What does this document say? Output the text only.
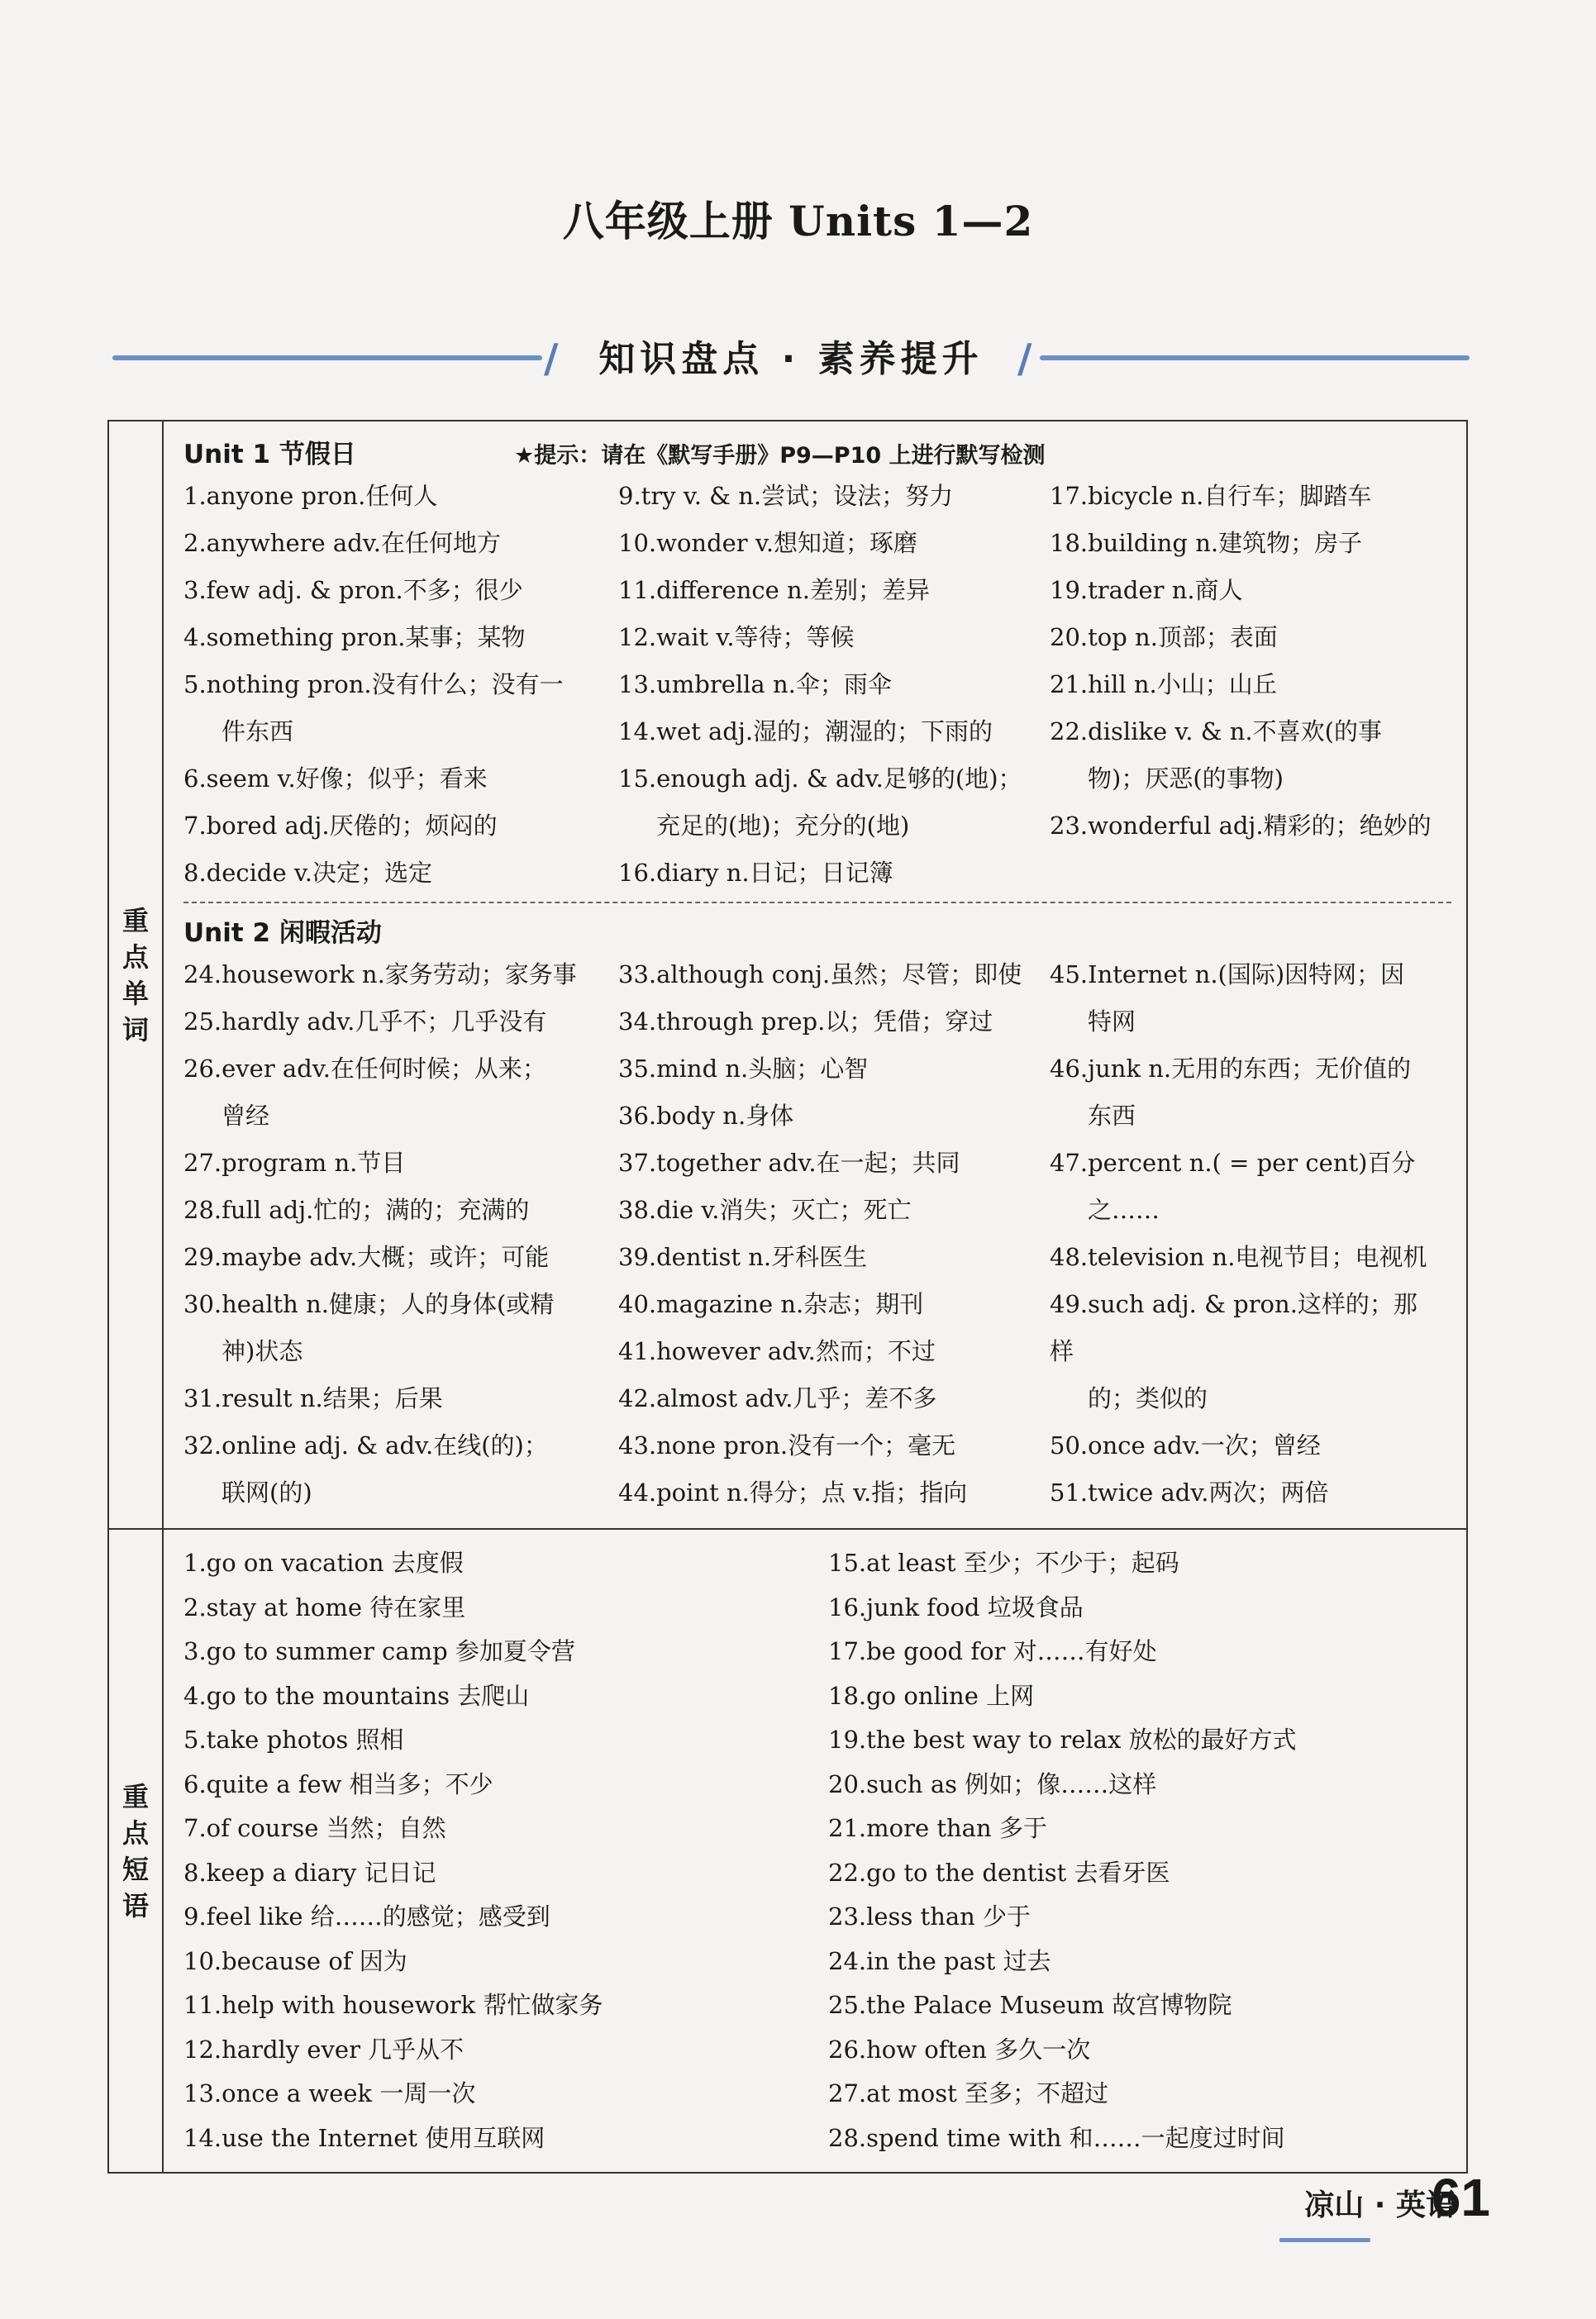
八年级上册 Units 1—2
/	知识盘点 · 素养提升 /
重点单词
Unit 1 节假日	★提示：请在《默写手册》P9—P10 上进行默写检测
1.anyone pron.任何人
2.anywhere adv.在任何地方
3.few adj. & pron.不多；很少
4.something pron.某事；某物
5.nothing pron.没有什么；没有一
件东西
6.seem v.好像；似乎；看来
7.bored adj.厌倦的；烦闷的
8.decide v.决定；选定
9.try v. & n.尝试；设法；努力
10.wonder v.想知道；琢磨
11.difference n.差别；差异
12.wait v.等待；等候
13.umbrella n.伞；雨伞
14.wet adj.湿的；潮湿的；下雨的
15.enough adj. & adv.足够的(地)；
充足的(地)；充分的(地)
16.diary n.日记；日记簿
17.bicycle n.自行车；脚踏车
18.building n.建筑物；房子
19.trader n.商人
20.top n.顶部；表面
21.hill n.小山；山丘
22.dislike v. & n.不喜欢(的事
物)；厌恶(的事物)
23.wonderful adj.精彩的；绝妙的
Unit 2 闲暇活动
24.housework n.家务劳动；家务事
25.hardly adv.几乎不；几乎没有
26.ever adv.在任何时候；从来；
曾经
27.program n.节目
28.full adj.忙的；满的；充满的
29.maybe adv.大概；或许；可能
30.health n.健康；人的身体(或精
神)状态
31.result n.结果；后果
32.online adj. & adv.在线(的)；
联网(的)
33.although conj.虽然；尽管；即使
34.through prep.以；凭借；穿过
35.mind n.头脑；心智
36.body n.身体
37.together adv.在一起；共同
38.die v.消失；灭亡；死亡
39.dentist n.牙科医生
40.magazine n.杂志；期刊
41.however adv.然而；不过
42.almost adv.几乎；差不多
43.none pron.没有一个；毫无
44.point n.得分；点 v.指；指向
45.Internet n.(国际)因特网；因
特网
46.junk n.无用的东西；无价值的
东西
47.percent n.( = per cent)百分
之……
48.television n.电视节目；电视机
49.such adj. & pron.这样的；那样
的；类似的
50.once adv.一次；曾经
51.twice adv.两次；两倍
重点短语
1.go on vacation 去度假
2.stay at home 待在家里
3.go to summer camp 参加夏令营
4.go to the mountains 去爬山
5.take photos 照相
6.quite a few 相当多；不少
7.of course 当然；自然
8.keep a diary 记日记
9.feel like 给……的感觉；感受到
10.because of 因为
11.help with housework 帮忙做家务
12.hardly ever 几乎从不
13.once a week 一周一次
14.use the Internet 使用互联网
15.at least 至少；不少于；起码
16.junk food 垃圾食品
17.be good for 对……有好处
18.go online 上网
19.the best way to relax 放松的最好方式
20.such as 例如；像……这样
21.more than 多于
22.go to the dentist 去看牙医
23.less than 少于
24.in the past 过去
25.the Palace Museum 故宫博物院
26.how often 多久一次
27.at most 至多；不超过
28.spend time with 和……一起度过时间
凉山 · 英语
61
